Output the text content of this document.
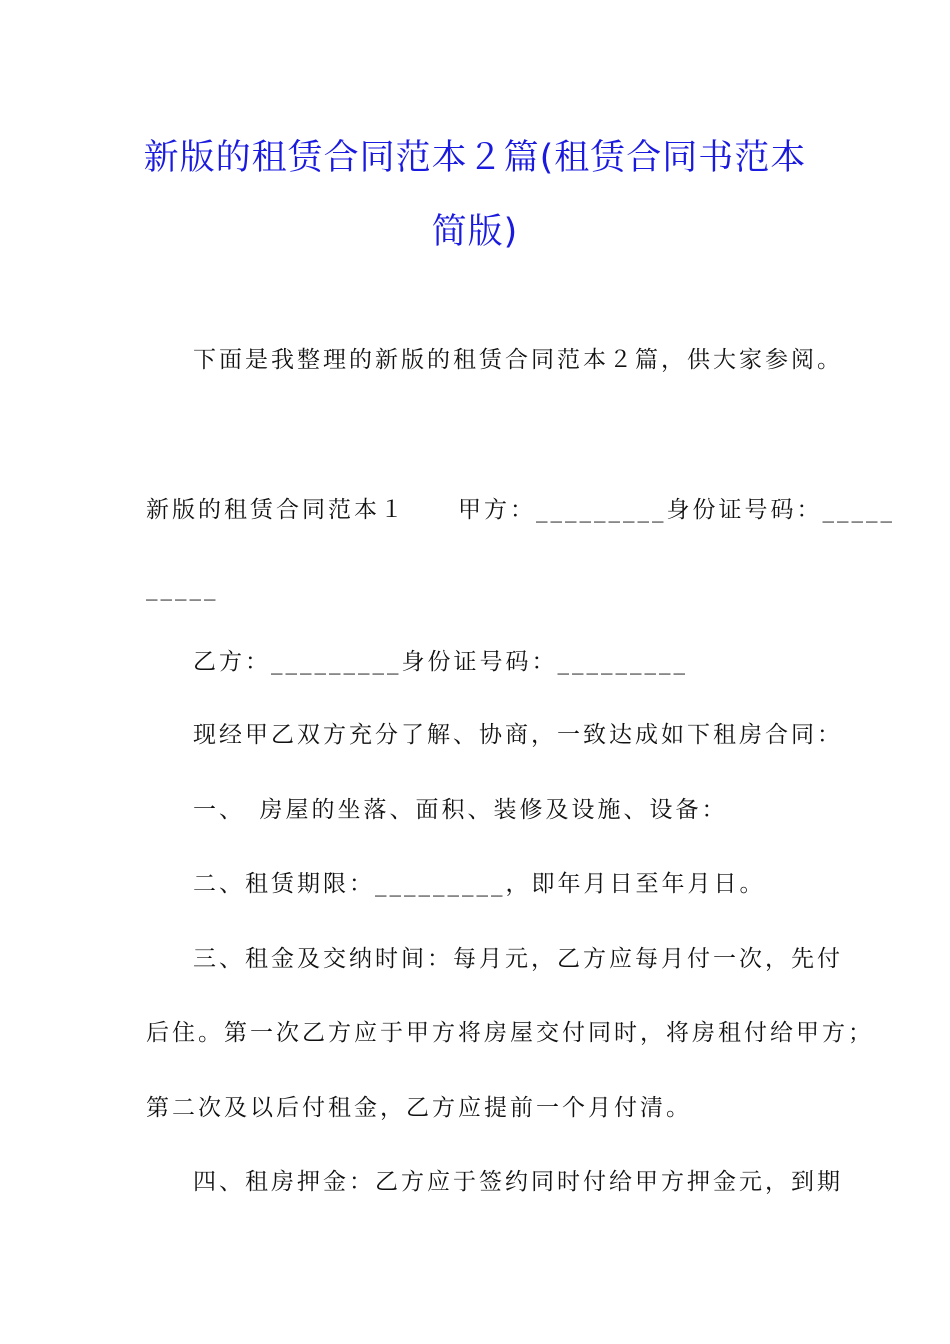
新版的租赁合同范本２篇(租赁合同书范本
简版)

下面是我整理的新版的租赁合同范本２篇，供大家参阅。

新版的租赁合同范本１　　甲方：_________身份证号码：_____

_____

乙方：_________身份证号码：_________

现经甲乙双方充分了解、协商，一致达成如下租房合同：

一、　房屋的坐落、面积、装修及设施、设备：

二、租赁期限：_________，即年月日至年月日。

三、租金及交纳时间：每月元，乙方应每月付一次，先付

后住。第一次乙方应于甲方将房屋交付同时，将房租付给甲方；

第二次及以后付租金，乙方应提前一个月付清。

四、租房押金：乙方应于签约同时付给甲方押金元，到期
